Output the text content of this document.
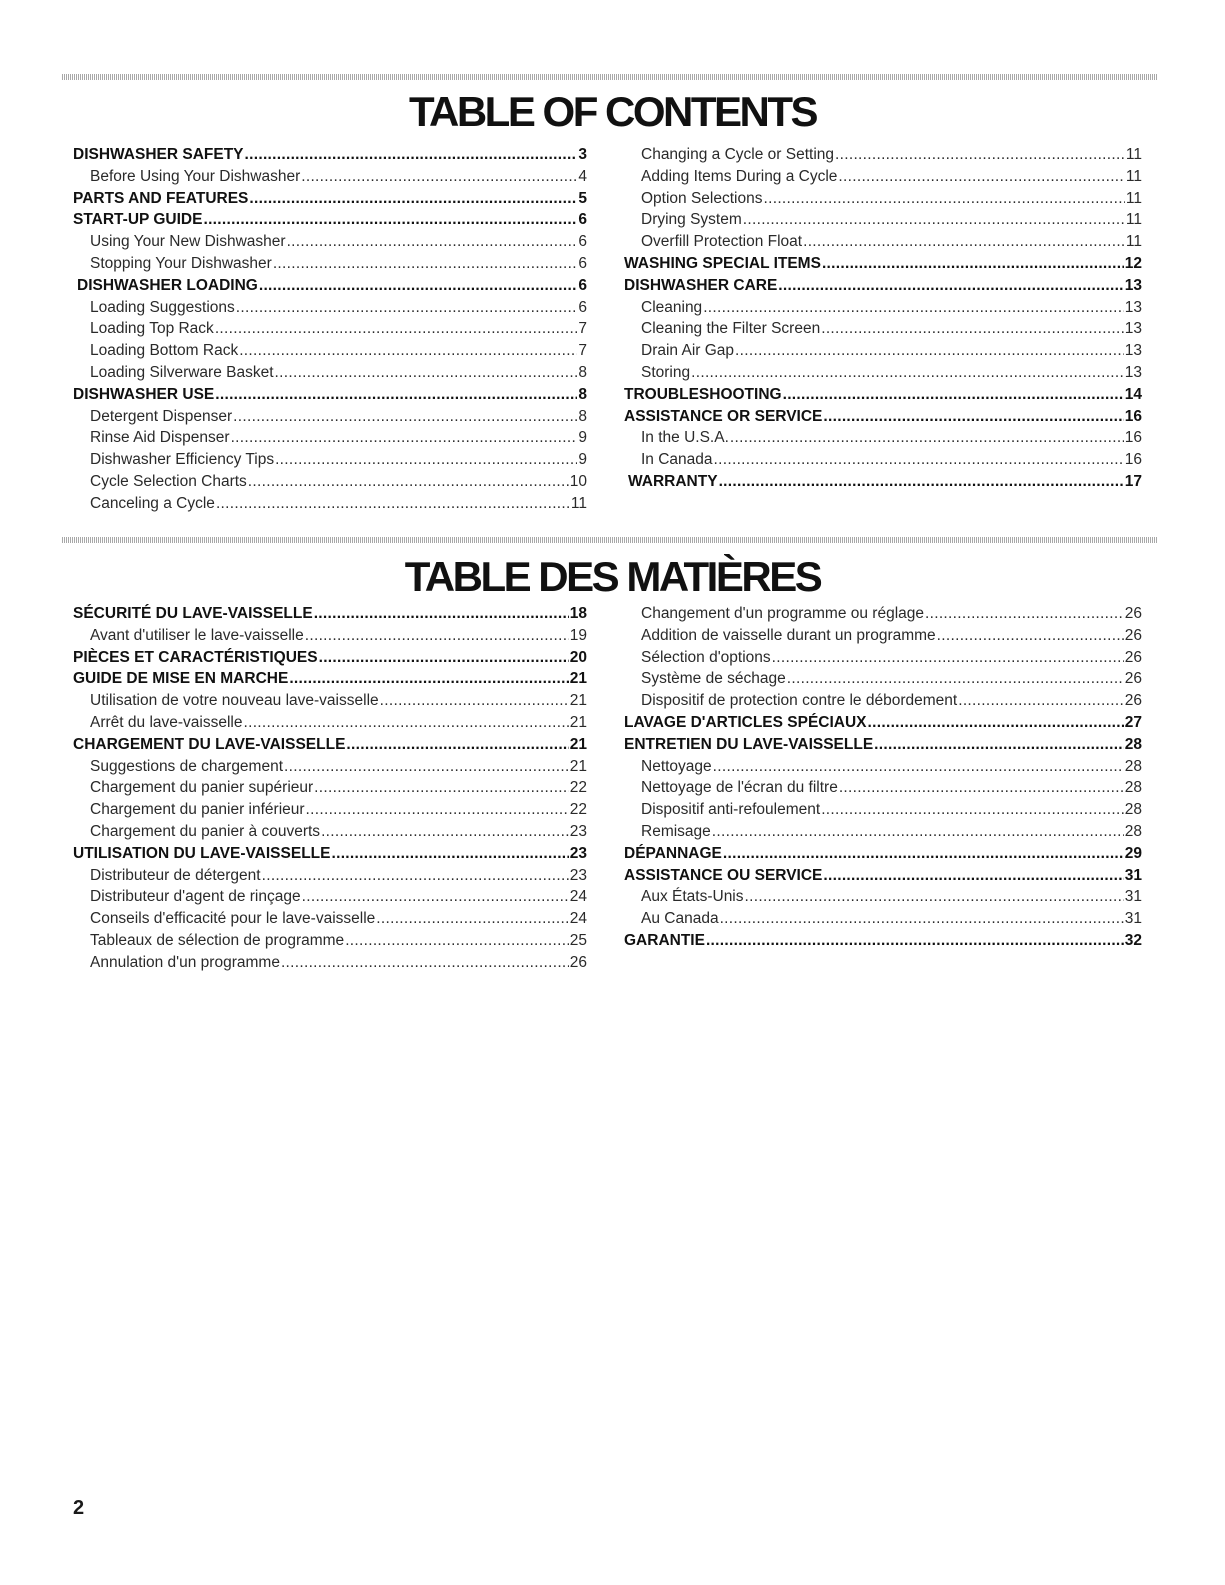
TABLE OF CONTENTS
DISHWASHER SAFETY .....	3
Before Using Your Dishwasher .....	4
PARTS AND FEATURES .....	5
START-UP GUIDE .....	6
Using Your New Dishwasher .....	6
Stopping Your Dishwasher .....	6
DISHWASHER LOADING .....	6
Loading Suggestions .....	6
Loading Top Rack .....	7
Loading Bottom Rack .....	7
Loading Silverware Basket .....	8
DISHWASHER USE .....	8
Detergent Dispenser .....	8
Rinse Aid Dispenser .....	9
Dishwasher Efficiency Tips .....	9
Cycle Selection Charts .....	10
Canceling a Cycle .....	11
Changing a Cycle or Setting .....	11
Adding Items During a Cycle .....	11
Option Selections .....	11
Drying System .....	11
Overfill Protection Float .....	11
WASHING SPECIAL ITEMS .....	12
DISHWASHER CARE .....	13
Cleaning .....	13
Cleaning the Filter Screen .....	13
Drain Air Gap .....	13
Storing .....	13
TROUBLESHOOTING .....	14
ASSISTANCE OR SERVICE .....	16
In the U.S.A. .....	16
In Canada .....	16
WARRANTY .....	17
TABLE DES MATIÈRES
SÉCURITÉ DU LAVE-VAISSELLE .....	18
Avant d'utiliser le lave-vaisselle .....	19
PIÈCES ET CARACTÉRISTIQUES .....	20
GUIDE DE MISE EN MARCHE .....	21
Utilisation de votre nouveau lave-vaisselle .....	21
Arrêt du lave-vaisselle .....	21
CHARGEMENT DU LAVE-VAISSELLE .....	21
Suggestions de chargement .....	21
Chargement du panier supérieur .....	22
Chargement du panier inférieur .....	22
Chargement du panier à couverts .....	23
UTILISATION DU LAVE-VAISSELLE .....	23
Distributeur de détergent .....	23
Distributeur d'agent de rinçage .....	24
Conseils d'efficacité pour le lave-vaisselle .....	24
Tableaux de sélection de programme .....	25
Annulation d'un programme .....	26
Changement d'un programme ou réglage .....	26
Addition de vaisselle durant un programme .....	26
Sélection d'options .....	26
Système de séchage .....	26
Dispositif de protection contre le débordement .....	26
LAVAGE D'ARTICLES SPÉCIAUX .....	27
ENTRETIEN DU LAVE-VAISSELLE .....	28
Nettoyage .....	28
Nettoyage de l'écran du filtre .....	28
Dispositif anti-refoulement .....	28
Remisage .....	28
DÉPANNAGE .....	29
ASSISTANCE OU SERVICE .....	31
Aux États-Unis .....	31
Au Canada .....	31
GARANTIE .....	32
2
